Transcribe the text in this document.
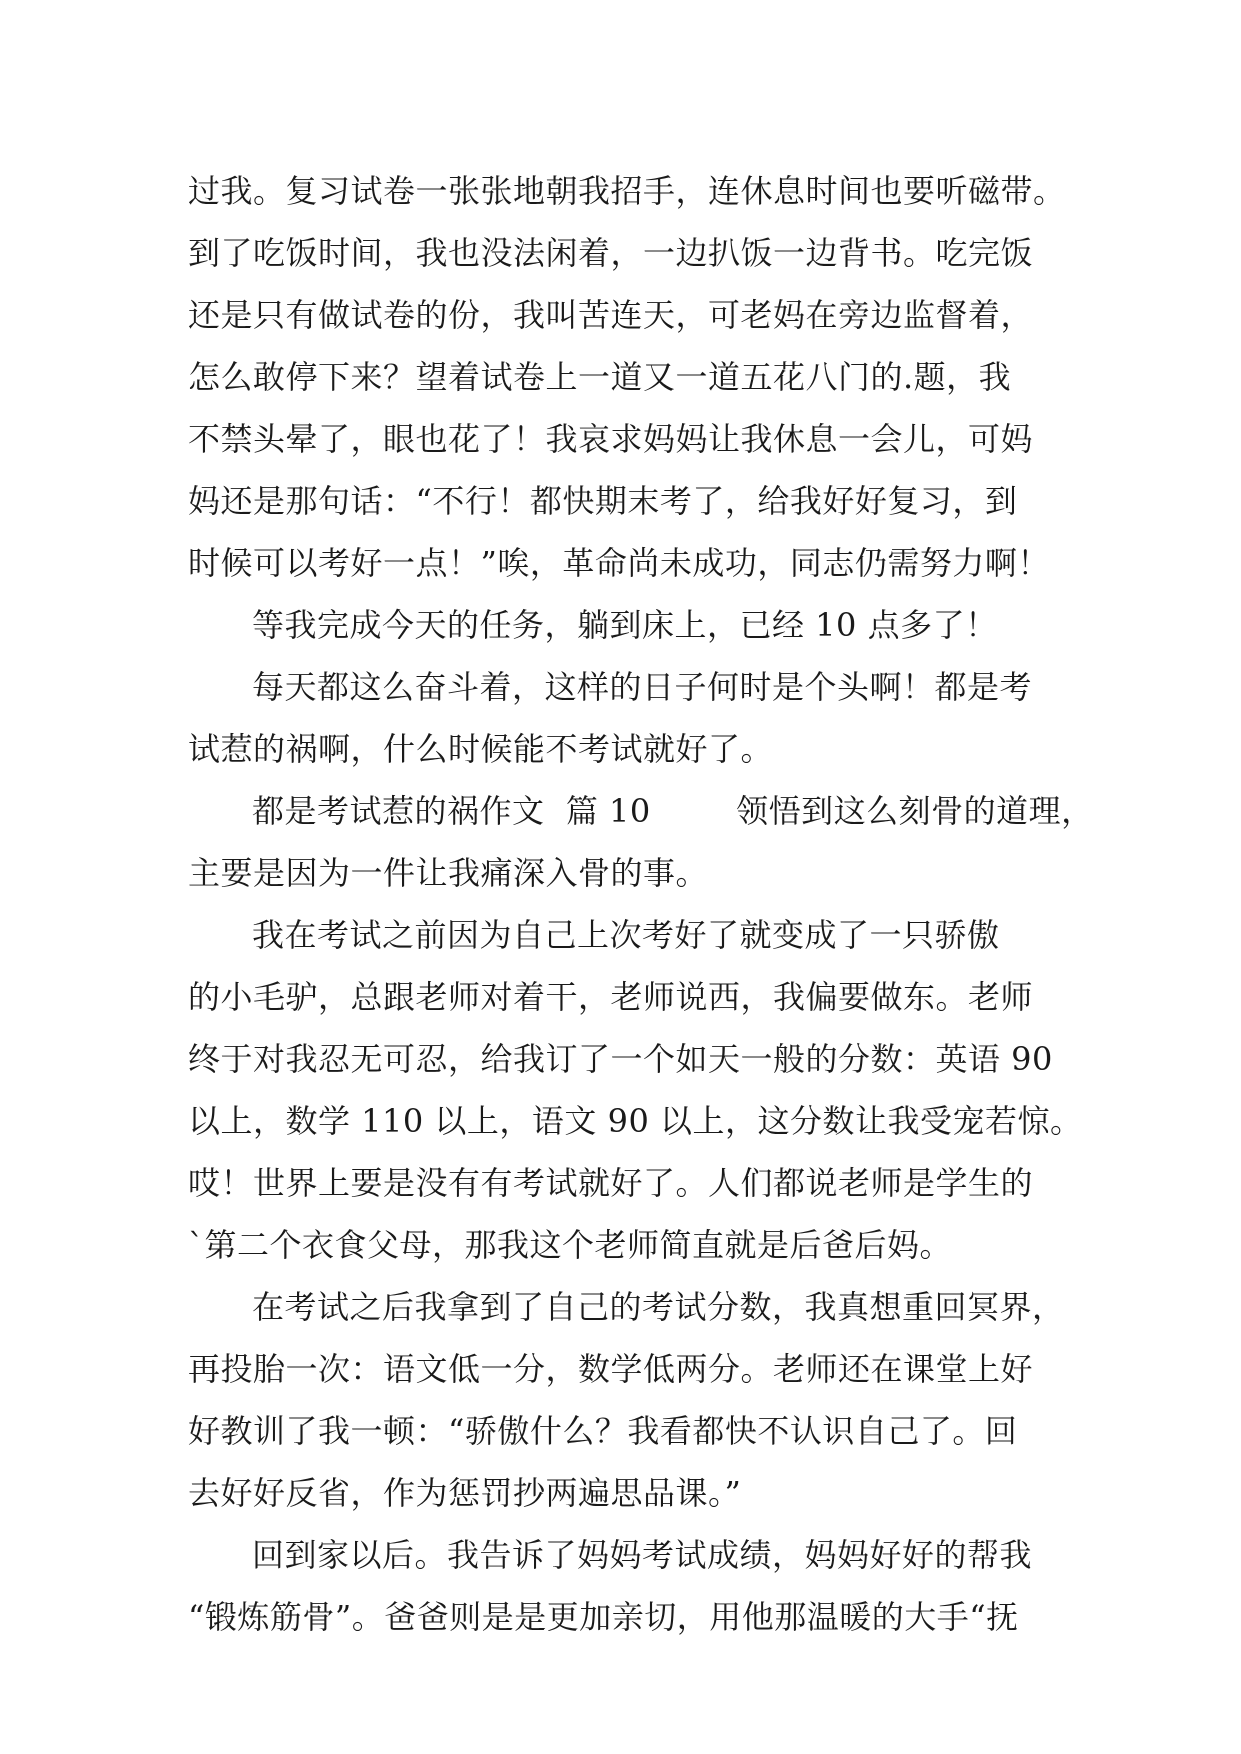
过我。复习试卷一张张地朝我招手，连休息时间也要听磁带。
到了吃饭时间，我也没法闲着，一边扒饭一边背书。吃完饭
还是只有做试卷的份，我叫苦连天，可老妈在旁边监督着，
怎么敢停下来？望着试卷上一道又一道五花八门的.题，我
不禁头晕了，眼也花了！我哀求妈妈让我休息一会儿，可妈
妈还是那句话：“不行！都快期末考了，给我好好复习，到
时候可以考好一点！”唉，革命尚未成功，同志仍需努力啊！
等我完成今天的任务，躺到床上，已经 10 点多了！
每天都这么奋斗着，这样的日子何时是个头啊！都是考
试惹的祸啊，什么时候能不考试就好了。
都是考试惹的祸作文  篇 10        领悟到这么刻骨的道理，
主要是因为一件让我痛深入骨的事。
我在考试之前因为自己上次考好了就变成了一只骄傲
的小毛驴，总跟老师对着干，老师说西，我偏要做东。老师
终于对我忍无可忍，给我订了一个如天一般的分数：英语 90
以上，数学 110 以上，语文 90 以上，这分数让我受宠若惊。
哎！世界上要是没有有考试就好了。人们都说老师是学生的
`第二个衣食父母，那我这个老师简直就是后爸后妈。
在考试之后我拿到了自己的考试分数，我真想重回冥界，
再投胎一次：语文低一分，数学低两分。老师还在课堂上好
好教训了我一顿：“骄傲什么？我看都快不认识自己了。回
去好好反省，作为惩罚抄两遍思品课。”
回到家以后。我告诉了妈妈考试成绩，妈妈好好的帮我
“锻炼筋骨”。爸爸则是是更加亲切，用他那温暖的大手“抚
